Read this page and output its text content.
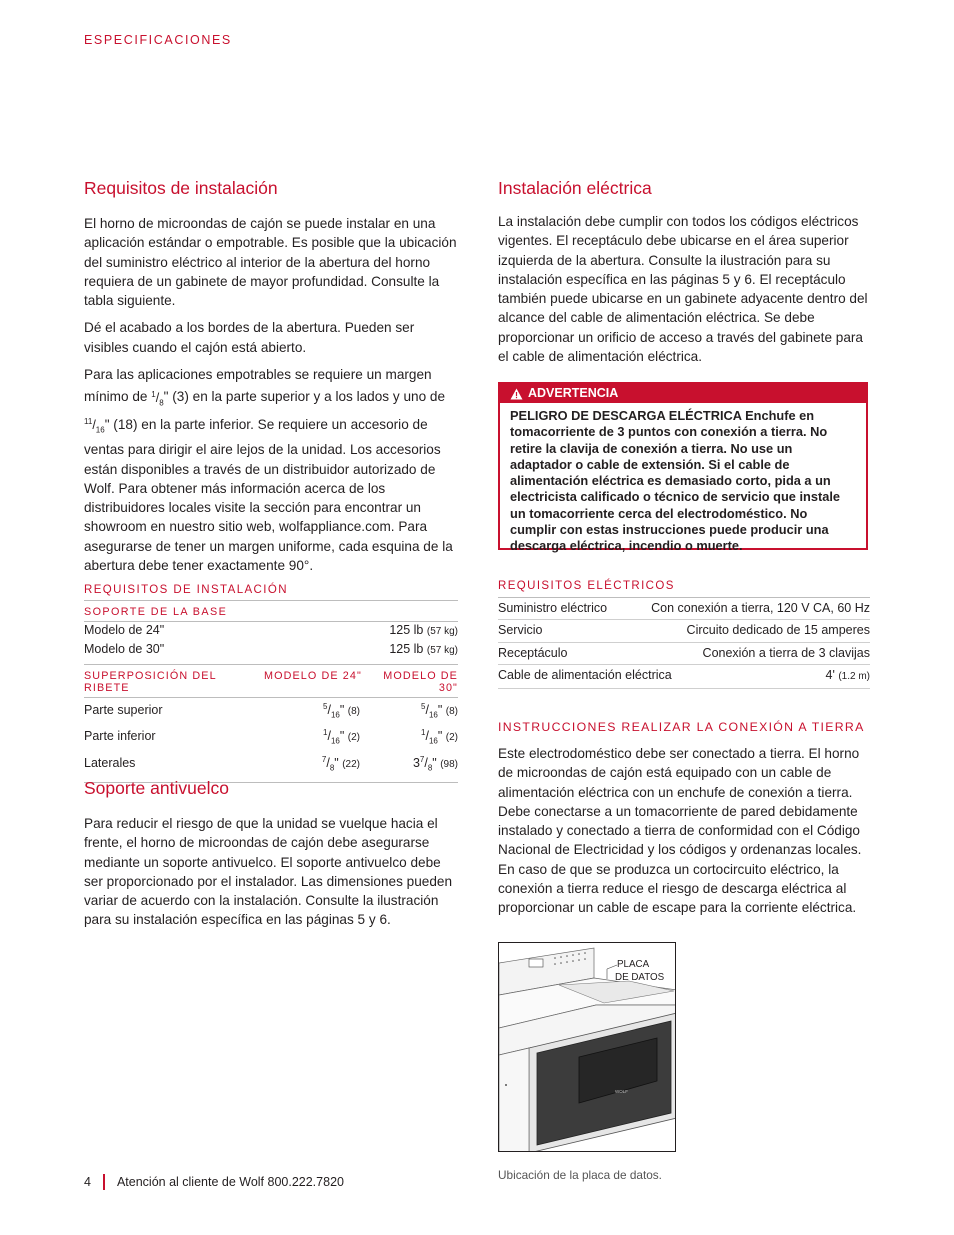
ESPECIFICACIONES
Requisitos de instalación

El horno de microondas de cajón se puede instalar en una aplicación estándar o empotrable. Es posible que la ubicación del suministro eléctrico al interior de la abertura del horno requiera de un gabinete de mayor profundidad. Consulte la tabla siguiente.

Dé el acabado a los bordes de la abertura. Pueden ser visibles cuando el cajón está abierto.

Para las aplicaciones empotrables se requiere un margen mínimo de $^1/_8$" (3) en la parte superior y a los lados y uno de $^{11}/_{16}$" (18) en la parte inferior. Se requiere un accesorio de ventas para dirigir el aire lejos de la unidad. Los accesorios están disponibles a través de un distribuidor autorizado de Wolf. Para obtener más información acerca de los distribuidores locales visite la sección para encontrar un showroom en nuestro sitio web, wolfappliance.com. Para asegurarse de tener un margen uniforme, cada esquina de la abertura debe tener exactamente 90°.

REQUISITOS DE INSTALACIÓN
SOPORTE DE LA BASE
Modelo de 24"	125 lb (57 kg)
Modelo de 30"	125 lb (57 kg)
SUPERPOSICIÓN DEL RIBETE
MODELO DE 24"	MODELO DE 30"
Parte superior	$^5/_{16}$" (8)	$^5/_{16}$" (8)
Parte inferior	$^1/_{16}$" (2)	$^1/_{16}$" (2)
Laterales	$^7/_8$" (22)	$3^7/_8$" (98)
Soporte antivuelco

Para reducir el riesgo de que la unidad se vuelque hacia el frente, el horno de microondas de cajón debe asegurarse mediante un soporte antivuelco. El soporte antivuelco debe ser proporcionado por el instalador. Las dimensiones pueden variar de acuerdo con la instalación. Consulte la ilustración para su instalación específica en las páginas 5 y 6.

Instalación eléctrica

La instalación debe cumplir con todos los códigos eléctricos vigentes. El receptáculo debe ubicarse en el área superior izquierda de la abertura. Consulte la ilustración para su instalación específica en las páginas 5 y 6. El receptáculo también puede ubicarse en un gabinete adyacente dentro del alcance del cable de alimentación eléctrica. Se debe proporcionar un orificio de acceso a través del gabinete para el cable de alimentación eléctrica.

ADVERTENCIA
PELIGRO DE DESCARGA ELÉCTRICA Enchufe en tomacorriente de 3 puntos con conexión a tierra. No retire la clavija de conexión a tierra. No use un adaptador o cable de extensión. Si el cable de alimentación eléctrica es demasiado corto, pida a un electricista calificado o técnico de servicio que instale un tomacorriente cerca del electrodoméstico. No cumplir con estas instrucciones puede producir una descarga eléctrica, incendio o muerte.
REQUISITOS ELÉCTRICOS
Suministro eléctrico	Con conexión a tierra, 120 V CA, 60 Hz
Servicio	Circuito dedicado de 15 amperes
Receptáculo	Conexión a tierra de 3 clavijas
Cable de alimentación eléctrica	4' (1.2 m)
INSTRUCCIONES REALIZAR LA CONEXIÓN A TIERRA

Este electrodoméstico debe ser conectado a tierra. El horno de microondas de cajón está equipado con un cable de alimentación eléctrica con un enchufe de conexión a tierra. Debe conectarse a un tomacorriente de pared debidamente instalado y conectado a tierra de conformidad con el Código Nacional de Electricidad y los códigos y ordenanzas locales. En caso de que se produzca un cortocircuito eléctrico, la conexión a tierra reduce el riesgo de descarga eléctrica al proporcionar un cable de escape para la corriente eléctrica.

WOLF
PLACA
DE DATOS
Ubicación de la placa de datos.
4 Atención al cliente de Wolf 800.222.7820
